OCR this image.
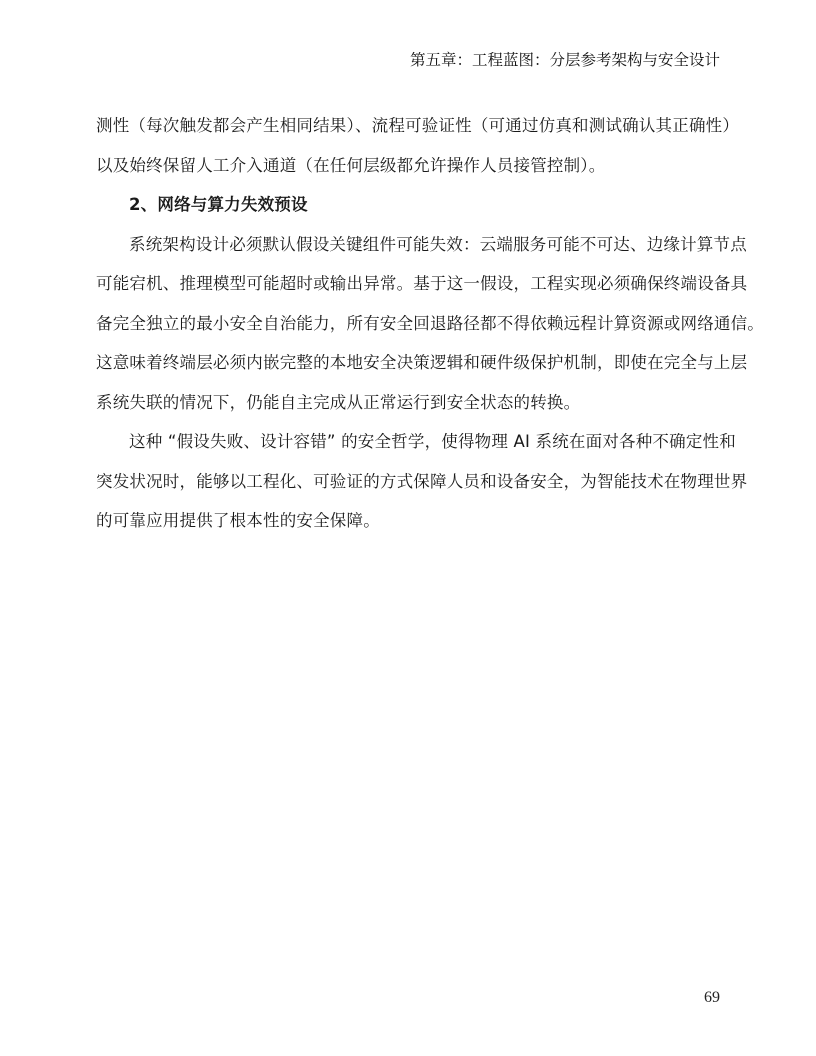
第五章：工程蓝图：分层参考架构与安全设计

测性（每次触发都会产生相同结果）、流程可验证性（可通过仿真和测试确认其正确性）
以及始终保留人工介入通道（在任何层级都允许操作人员接管控制）。

2、网络与算力失效预设

系统架构设计必须默认假设关键组件可能失效：云端服务可能不可达、边缘计算节点
可能宕机、推理模型可能超时或输出异常。基于这一假设，工程实现必须确保终端设备具
备完全独立的最小安全自治能力，所有安全回退路径都不得依赖远程计算资源或网络通信。
这意味着终端层必须内嵌完整的本地安全决策逻辑和硬件级保护机制，即使在完全与上层
系统失联的情况下，仍能自主完成从正常运行到安全状态的转换。

这种 “假设失败、设计容错” 的安全哲学，使得物理 AI 系统在面对各种不确定性和
突发状况时，能够以工程化、可验证的方式保障人员和设备安全，为智能技术在物理世界
的可靠应用提供了根本性的安全保障。

69
